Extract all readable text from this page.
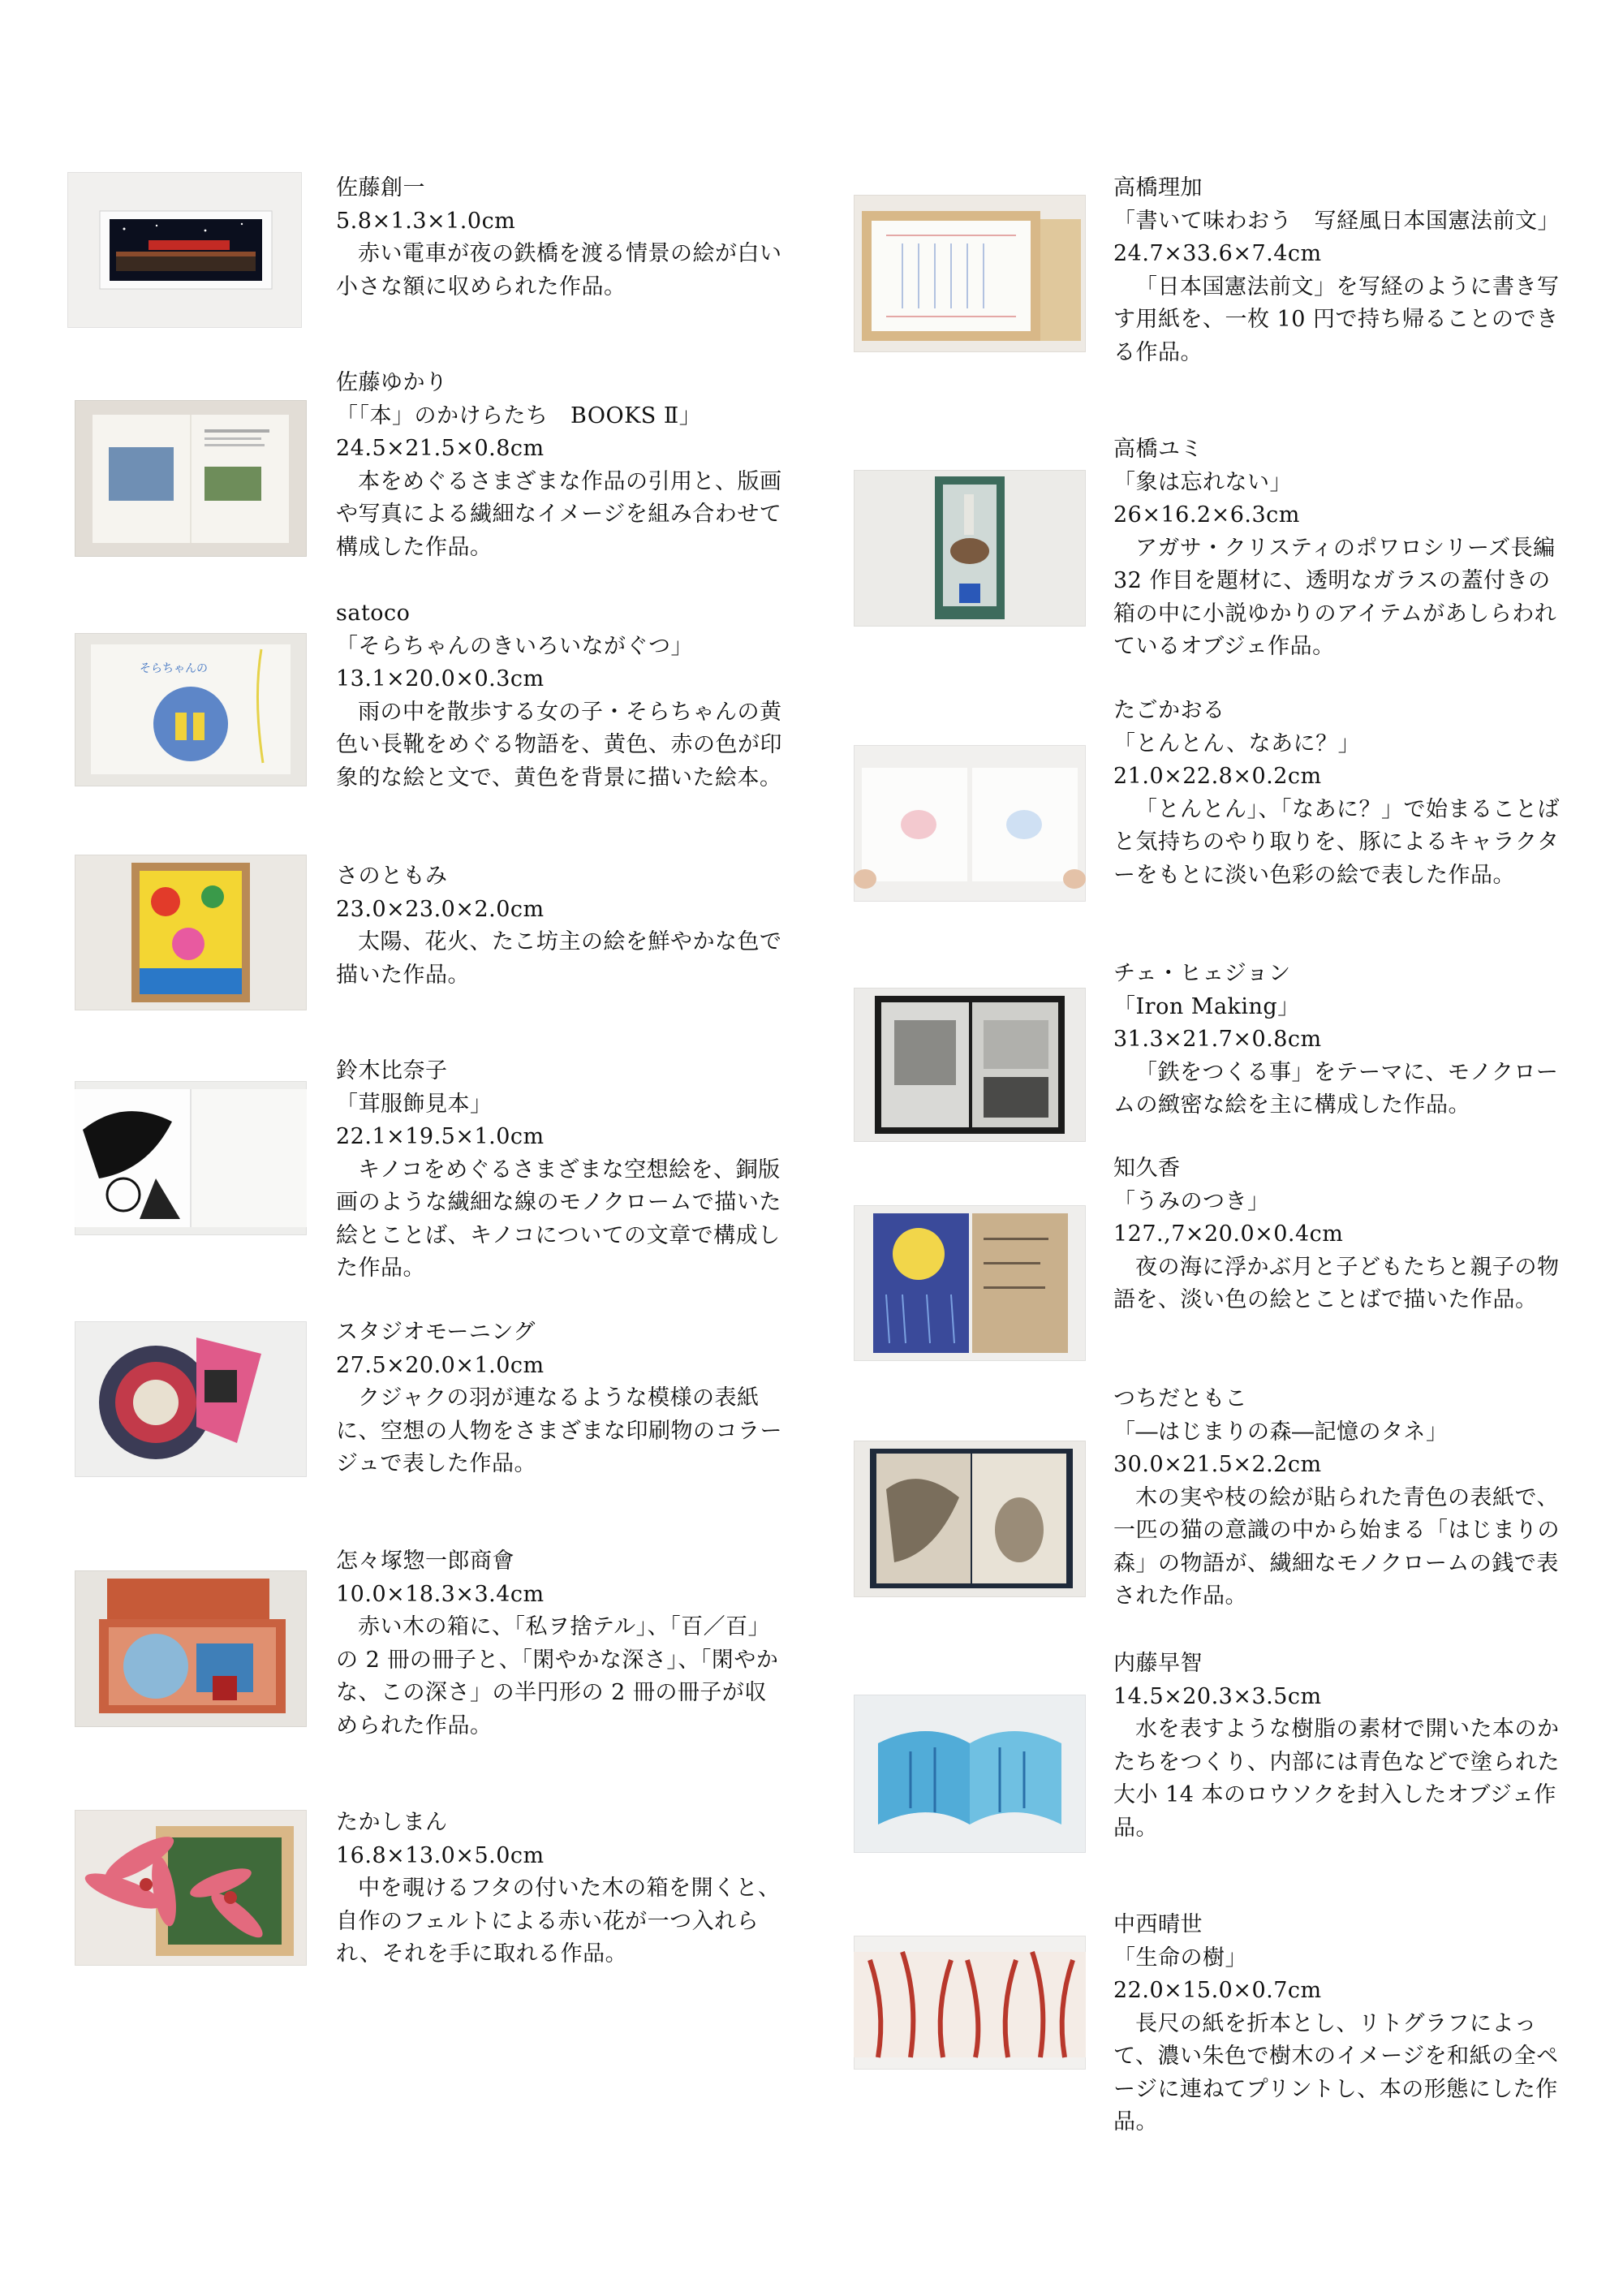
佐藤創一
5.8×1.3×1.0cm
赤い電車が夜の鉄橋を渡る情景の絵が白い小さな額に収められた作品。
佐藤ゆかり
「「本」のかけらたち　BOOKS Ⅱ」
24.5×21.5×0.8cm
本をめぐるさまざまな作品の引用と、版画や写真による繊細なイメージを組み合わせて構成した作品。
そらちゃんの
satoco
「そらちゃんのきいろいながぐつ」
13.1×20.0×0.3cm
雨の中を散歩する女の子・そらちゃんの黄色い長靴をめぐる物語を、黄色、赤の色が印象的な絵と文で、黄色を背景に描いた絵本。
さのともみ
23.0×23.0×2.0cm
太陽、花火、たこ坊主の絵を鮮やかな色で描いた作品。
鈴木比奈子
「茸服飾見本」
22.1×19.5×1.0cm
キノコをめぐるさまざまな空想絵を、銅版画のような繊細な線のモノクロームで描いた絵とことば、キノコについての文章で構成した作品。
スタジオモーニング
27.5×20.0×1.0cm
クジャクの羽が連なるような模様の表紙に、空想の人物をさまざまな印刷物のコラージュで表した作品。
怎々塚惣一郎商會
10.0×18.3×3.4cm
赤い木の箱に、「私ヲ捨テル」、「百／百」の 2 冊の冊子と、「閑やかな深さ」、「閑やかな、この深さ」の半円形の 2 冊の冊子が収められた作品。
たかしまん
16.8×13.0×5.0cm
中を覗けるフタの付いた木の箱を開くと、自作のフェルトによる赤い花が一つ入れられ、それを手に取れる作品。
高橋理加
「書いて味わおう　写経風日本国憲法前文」
24.7×33.6×7.4cm
「日本国憲法前文」を写経のように書き写す用紙を、一枚 10 円で持ち帰ることのできる作品。
高橋ユミ
「象は忘れない」
26×16.2×6.3cm
アガサ・クリスティのポワロシリーズ長編 32 作目を題材に、透明なガラスの蓋付きの箱の中に小説ゆかりのアイテムがあしらわれているオブジェ作品。
たごかおる
「とんとん、なあに？」
21.0×22.8×0.2cm
「とんとん」、「なあに？」で始まることばと気持ちのやり取りを、豚によるキャラクターをもとに淡い色彩の絵で表した作品。
チェ・ヒェジョン
「Iron Making」
31.3×21.7×0.8cm
「鉄をつくる事」をテーマに、モノクロームの緻密な絵を主に構成した作品。
知久香
「うみのつき」
127.,7×20.0×0.4cm
夜の海に浮かぶ月と子どもたちと親子の物語を、淡い色の絵とことばで描いた作品。
つちだともこ
「―はじまりの森―記憶のタネ」
30.0×21.5×2.2cm
木の実や枝の絵が貼られた青色の表紙で、一匹の猫の意識の中から始まる「はじまりの森」の物語が、繊細なモノクロームの銭で表された作品。
内藤早智
14.5×20.3×3.5cm
水を表すような樹脂の素材で開いた本のかたちをつくり、内部には青色などで塗られた大小 14 本のロウソクを封入したオブジェ作品。
中西晴世
「生命の樹」
22.0×15.0×0.7cm
長尺の紙を折本とし、リトグラフによって、濃い朱色で樹木のイメージを和紙の全ページに連ねてプリントし、本の形態にした作品。
